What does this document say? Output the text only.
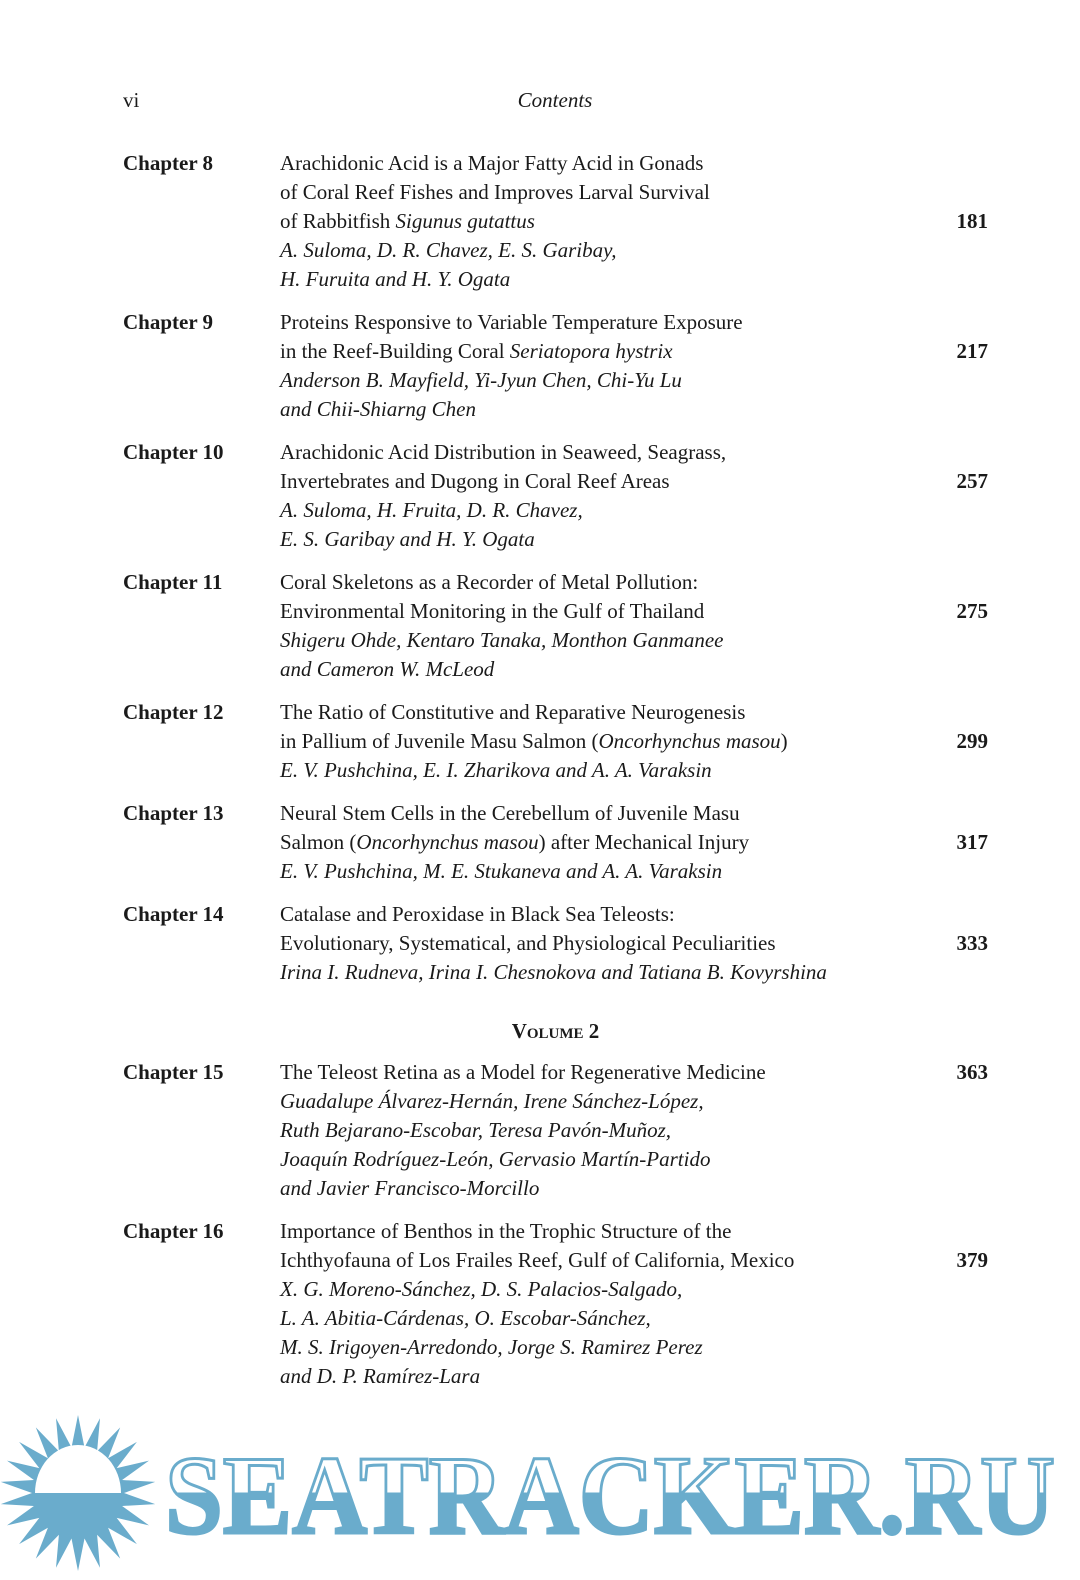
vi	Contents
Chapter 8	Arachidonic Acid is a Major Fatty Acid in Gonads
of Coral Reef Fishes and Improves Larval Survival
of Rabbitfish Sigunus gutattus
A. Suloma, D. R. Chavez, E. S. Garibay,
H. Furuita and H. Y. Ogata
181
Chapter 9	Proteins Responsive to Variable Temperature Exposure
in the Reef-Building Coral Seriatopora hystrix
Anderson B. Mayfield, Yi-Jyun Chen, Chi-Yu Lu
and Chii-Shiarng Chen
217
Chapter 10	Arachidonic Acid Distribution in Seaweed, Seagrass,
Invertebrates and Dugong in Coral Reef Areas
A. Suloma, H. Fruita, D. R. Chavez,
E. S. Garibay and H. Y. Ogata
257
Chapter 11	Coral Skeletons as a Recorder of Metal Pollution:
Environmental Monitoring in the Gulf of Thailand
Shigeru Ohde, Kentaro Tanaka, Monthon Ganmanee
and Cameron W. McLeod
275
Chapter 12	The Ratio of Constitutive and Reparative Neurogenesis
in Pallium of Juvenile Masu Salmon (Oncorhynchus masou)
E. V. Pushchina, E. I. Zharikova and A. A. Varaksin
299
Chapter 13	Neural Stem Cells in the Cerebellum of Juvenile Masu
Salmon (Oncorhynchus masou) after Mechanical Injury
E. V. Pushchina, M. E. Stukaneva and A. A. Varaksin
317
Chapter 14	Catalase and Peroxidase in Black Sea Teleosts:
Evolutionary, Systematical, and Physiological Peculiarities
Irina I. Rudneva, Irina I. Chesnokova and Tatiana B. Kovyrshina
333
Volume 2
Chapter 15	The Teleost Retina as a Model for Regenerative Medicine
Guadalupe Álvarez-Hernán, Irene Sánchez-López,
Ruth Bejarano-Escobar, Teresa Pavón-Muñoz,
Joaquín Rodríguez-León, Gervasio Martín-Partido
and Javier Francisco-Morcillo
363
Chapter 16	Importance of Benthos in the Trophic Structure of the
Ichthyofauna of Los Frailes Reef, Gulf of California, Mexico
X. G. Moreno-Sánchez, D. S. Palacios-Salgado,
L. A. Abitia-Cárdenas, O. Escobar-Sánchez,
M. S. Irigoyen-Arredondo, Jorge S. Ramirez Perez
and D. P. Ramírez-Lara
379
SEATRACKER.RU
